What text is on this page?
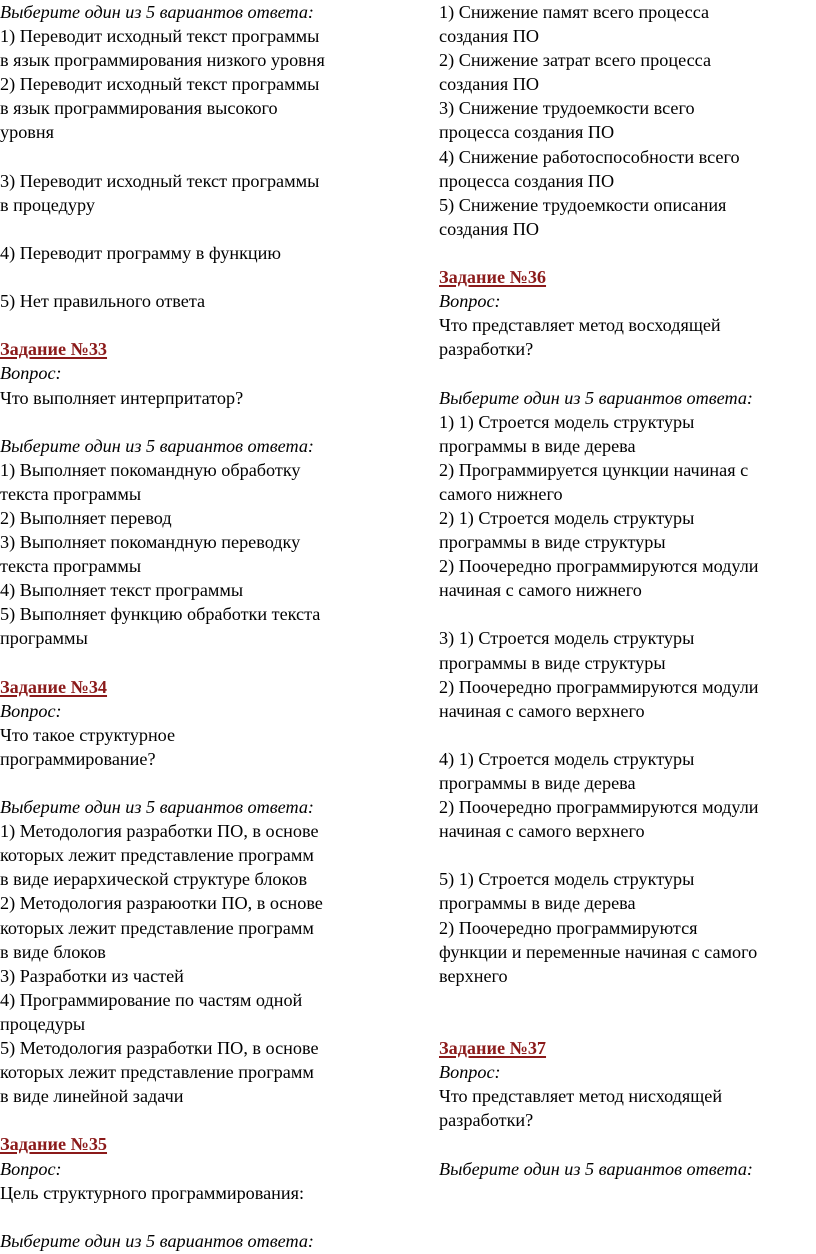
Выберите один из 5 вариантов ответа:
1) Переводит исходный текст программы
в язык программирования низкого уровня
2) Переводит исходный текст программы
в язык программирования высокого
уровня
3) Переводит исходный текст программы
в процедуру
4) Переводит программу в функцию
5) Нет правильного ответа
Задание №33
Вопрос:
Что выполняет интерпритатор?
Выберите один из 5 вариантов ответа:
1) Выполняет покомандную обработку
текста программы
2) Выполняет перевод
3) Выполняет покомандную переводку
текста программы
4) Выполняет текст программы
5) Выполняет функцию обработки текста
программы
Задание №34
Вопрос:
Что такое структурное
программирование?
Выберите один из 5 вариантов ответа:
1) Методология разработки ПО, в основе
которых лежит представление программ
в виде иерархической структуре блоков
2) Методология разраюотки ПО, в основе
которых лежит представление программ
в виде блоков
3) Разработки из частей
4) Программирование по частям одной
процедуры
5) Методология разработки ПО, в основе
которых лежит представление программ
в виде линейной задачи
Задание №35
Вопрос:
Цель структурного программирования:
Выберите один из 5 вариантов ответа:
1) Снижение памят всего процесса
создания ПО
2) Снижение затрат всего процесса
создания ПО
3) Снижение трудоемкости всего
процесса создания ПО
4) Снижение работоспособности всего
процесса создания ПО
5) Снижение трудоемкости описания
создания ПО
Задание №36
Вопрос:
Что представляет метод восходящей
разработки?
Выберите один из 5 вариантов ответа:
1) 1) Строется модель структуры
программы в виде дерева
2) Программируется цункции начиная с
самого нижнего
2) 1) Строется модель структуры
программы в виде структуры
2) Поочередно программируются модули
начиная с самого нижнего
3) 1) Строется модель структуры
программы в виде структуры
2) Поочередно программируются модули
начиная с самого верхнего
4) 1) Строется модель структуры
программы в виде дерева
2) Поочередно программируются модули
начиная с самого верхнего
5) 1) Строется модель структуры
программы в виде дерева
2) Поочередно программируются
функции и переменные начиная с самого
верхнего
Задание №37
Вопрос:
Что представляет метод нисходящей
разработки?
Выберите один из 5 вариантов ответа:
